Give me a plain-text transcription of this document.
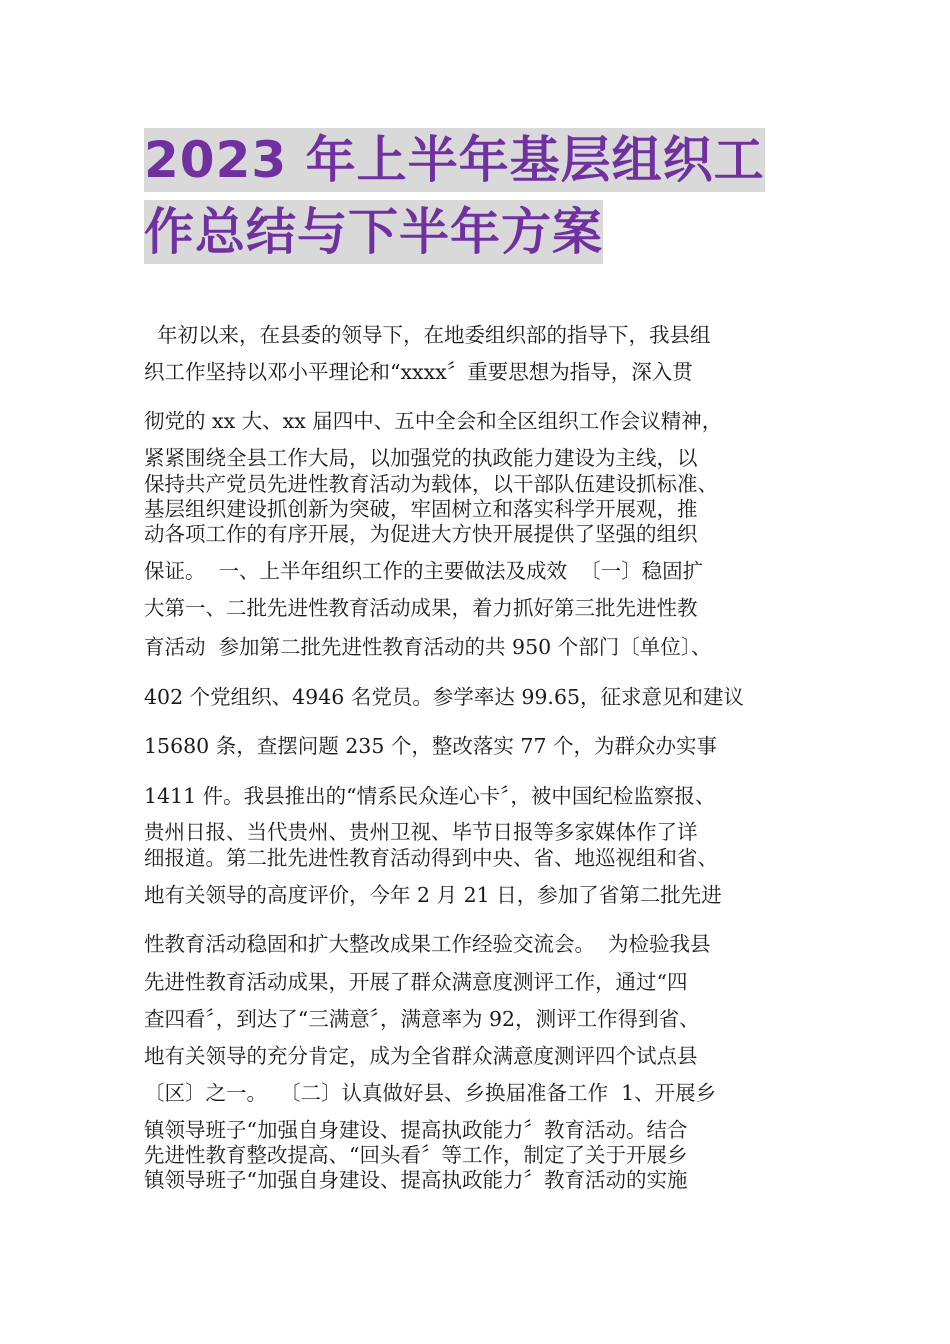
2023 年上半年基层组织工
作总结与下半年方案
年初以来，在县委的领导下，在地委组织部的指导下，我县组
织工作坚持以邓小平理论和“xxxx〞重要思想为指导，深入贯
彻党的 xx 大、xx 届四中、五中全会和全区组织工作会议精神，
紧紧围绕全县工作大局，以加强党的执政能力建设为主线，以
保持共产党员先进性教育活动为载体，以干部队伍建设抓标准、
基层组织建设抓创新为突破，牢固树立和落实科学开展观，推
动各项工作的有序开展，为促进大方快开展提供了坚强的组织
保证。  一、上半年组织工作的主要做法及成效  〔一〕稳固扩
大第一、二批先进性教育活动成果，着力抓好第三批先进性教
育活动  参加第二批先进性教育活动的共 950 个部门〔单位〕、
402 个党组织、4946 名党员。参学率达 99.65，征求意见和建议
15680 条，查摆问题 235 个，整改落实 77 个，为群众办实事
1411 件。我县推出的“情系民众连心卡〞，被中国纪检监察报、
贵州日报、当代贵州、贵州卫视、毕节日报等多家媒体作了详
细报道。第二批先进性教育活动得到中央、省、地巡视组和省、
地有关领导的高度评价，今年 2 月 21 日，参加了省第二批先进
性教育活动稳固和扩大整改成果工作经验交流会。  为检验我县
先进性教育活动成果，开展了群众满意度测评工作，通过“四
查四看〞，到达了“三满意〞，满意率为 92，测评工作得到省、
地有关领导的充分肯定，成为全省群众满意度测评四个试点县
〔区〕之一。  〔二〕认真做好县、乡换届准备工作  1、开展乡
镇领导班子“加强自身建设、提高执政能力〞教育活动。结合
先进性教育整改提高、“回头看〞等工作，制定了关于开展乡
镇领导班子“加强自身建设、提高执政能力〞教育活动的实施
